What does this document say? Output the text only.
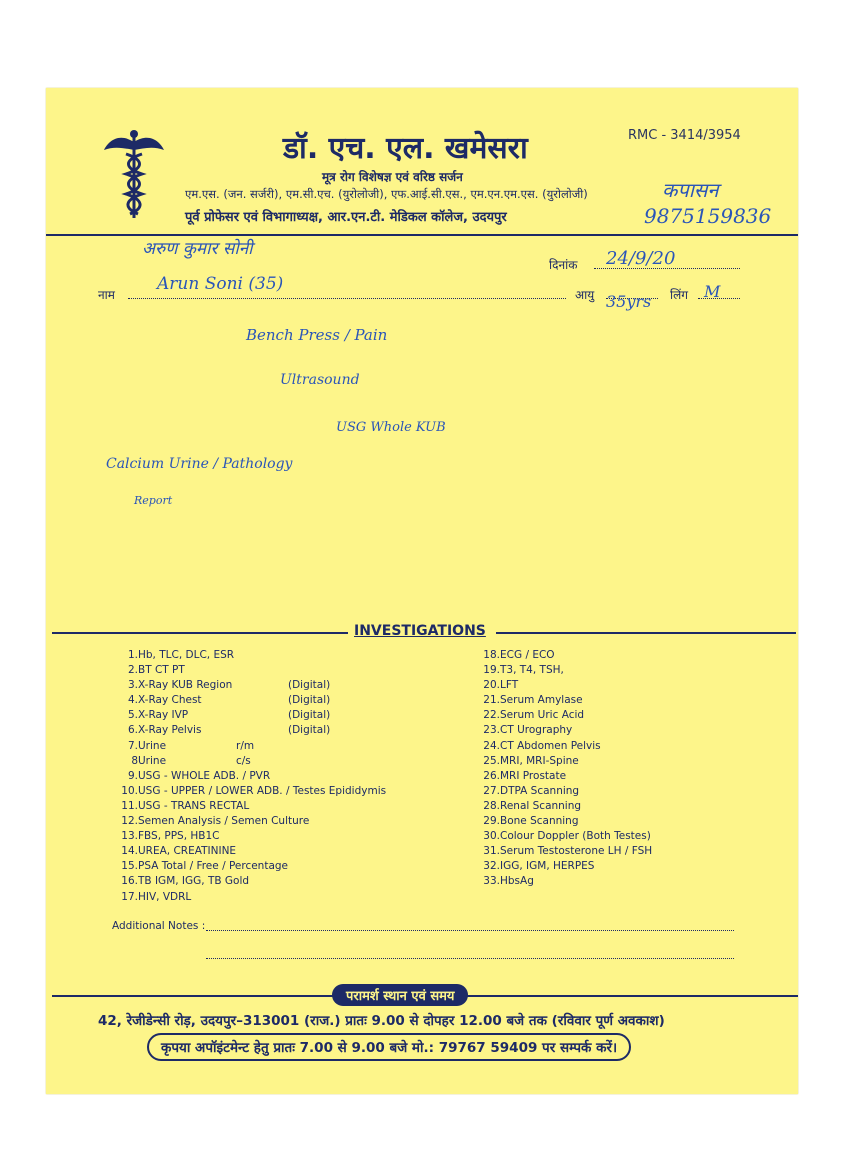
डॉ. एच. एल. खमेसरा	RMC - 3414/3954
मूत्र रोग विशेषज्ञ एवं वरिष्ठ सर्जन
एम.एस. (जन. सर्जरी), एम.सी.एच. (युरोलोजी), एफ.आई.सी.एस., एम.एन.एम.एस. (युरोलोजी)
पूर्व प्रोफेसर एवं विभागाध्यक्ष, आर.एन.टी. मेडिकल कॉलेज, उदयपुर
कपासन
9875159836
अरुण कुमार सोनी
दिनांक 24/9/20
नाम
Arun Soni (35)
आयु 35yrs लिंग M
Bench Press / Pain
Ultrasound
USG Whole KUB
Calcium Urine / Pathology
Report
INVESTIGATIONS
1. Hb, TLC, DLC, ESR
2. BT CT PT
3. X-Ray KUB Region	(Digital)
4. X-Ray Chest	(Digital)
5. X-Ray IVP	(Digital)
6. X-Ray Pelvis	(Digital)
7. Urine	r/m
8 Urine	c/s
9. USG - WHOLE ADB. / PVR
10. USG - UPPER / LOWER ADB. / Testes Epididymis
11. USG - TRANS RECTAL
12. Semen Analysis / Semen Culture
13. FBS, PPS, HB1C
14. UREA, CREATININE
15. PSA Total / Free / Percentage
16. TB IGM, IGG, TB Gold
17. HIV, VDRL
18. ECG / ECO
19. T3, T4, TSH,
20. LFT
21. Serum Amylase
22. Serum Uric Acid
23. CT Urography
24. CT Abdomen Pelvis
25. MRI, MRI-Spine
26. MRI Prostate
27. DTPA Scanning
28. Renal Scanning
29. Bone Scanning
30. Colour Doppler (Both Testes)
31. Serum Testosterone LH / FSH
32. IGG, IGM, HERPES
33. HbsAg
Additional Notes :
परामर्श स्थान एवं समय
42, रेजीडेन्सी रोड़, उदयपुर–313001 (राज.) प्रातः 9.00 से दोपहर 12.00 बजे तक (रविवार पूर्ण अवकाश)
कृपया अपॉइंटमेन्ट हेतु प्रातः 7.00 से 9.00 बजे मो.: 79767 59409 पर सम्पर्क करें।
